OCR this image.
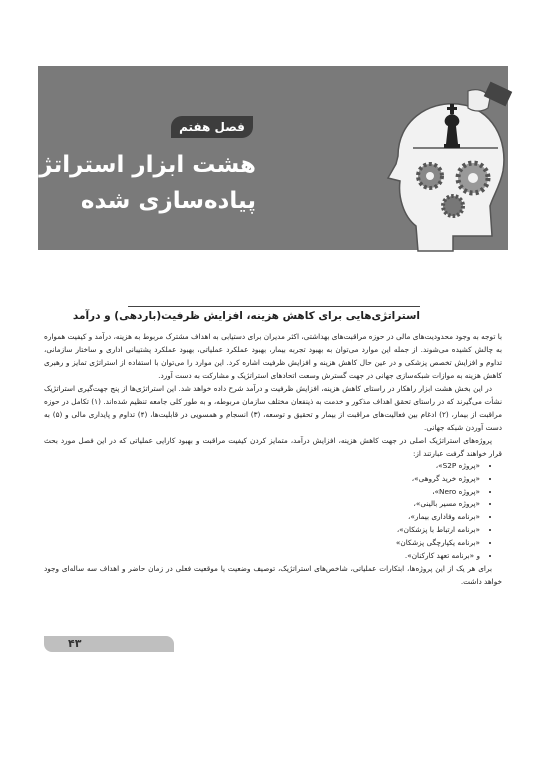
فصل هفتم
هشت ابزار استراتژیک
پیاده‌سازی شده
استراتژی‌هایی برای کاهش هزینه، افزایش ظرفیت(باردهی) و درآمد

با توجه به وجود محدودیت‌های مالی در حوزه مراقبت‌های بهداشتی، اکثر مدیران برای دستیابی به اهداف مشترک مربوط به هزینه، درآمد و کیفیت همواره به چالش کشیده می‌شوند. از جمله این موارد می‌توان به بهبود تجربه بیمار، بهبود عملکرد عملیاتی، بهبود عملکرد پشتیبانی اداری و ساختار سازمانی، تداوم و افزایش تخصص پزشکی و در عین حال کاهش هزینه و افزایش ظرفیت اشاره کرد. این موارد را می‌توان با استفاده از استراتژی تمایز و رهبری کاهش هزینه به موازات شبکه‌سازی جهانی در جهت گسترش وسعت اتحادهای استراتژیک و مشارکت به دست آورد.

در این بخش هشت ابزار راهکار در راستای کاهش هزینه، افزایش ظرفیت و درآمد شرح داده خواهد شد. این استراتژی‌ها از پنج جهت‌گیری استراتژیک نشأت می‌گیرند که در راستای تحقق اهداف مذکور و خدمت به ذینفعان مختلف سازمان مربوطه، و به طور کلی جامعه تنظیم شده‌اند. (۱) تکامل در حوزه مراقبت از بیمار، (۲) ادغام بین فعالیت‌های مراقبت از بیمار و تحقیق و توسعه، (۳) انسجام و همسویی در قابلیت‌ها، (۴) تداوم و پایداری مالی و (۵) به دست آوردن شبکه جهانی.

پروژه‌های استراتژیک اصلی در جهت کاهش هزینه، افزایش درآمد، متمایز کردن کیفیت مراقبت و بهبود کارایی عملیاتی که در این فصل مورد بحث قرار خواهند گرفت عبارتند از:

• «پروژه S2P»،
• «پروژه خرید گروهی»،
• «پروژه Nero»،
• «پروژه مسیر بالینی»،
• «برنامه وفاداری بیمار»،
• «برنامه ارتباط با پزشکان»،
• «برنامه یکپارچگی پزشکان»
• و «برنامه تعهد کارکنان».

برای هر یک از این پروژه‌ها، ابتکارات عملیاتی، شاخص‌های استراتژیک، توصیف وضعیت یا موقعیت فعلی در زمان حاضر و اهداف سه ساله‌ای وجود خواهد داشت.

۴۳
